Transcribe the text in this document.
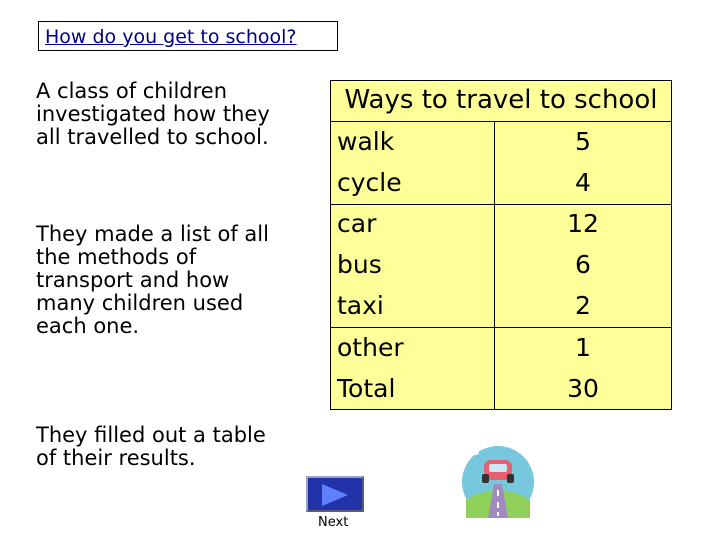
How do you get to school?
A class of children
investigated how they
all travelled to school.
They made a list of all
the methods of
transport and how
many children used
each one.
They filled out a table
of their results.
Ways to travel to school
walk	5
cycle	4
car	12
bus	6
taxi	2
other	1
Total	30
Next
